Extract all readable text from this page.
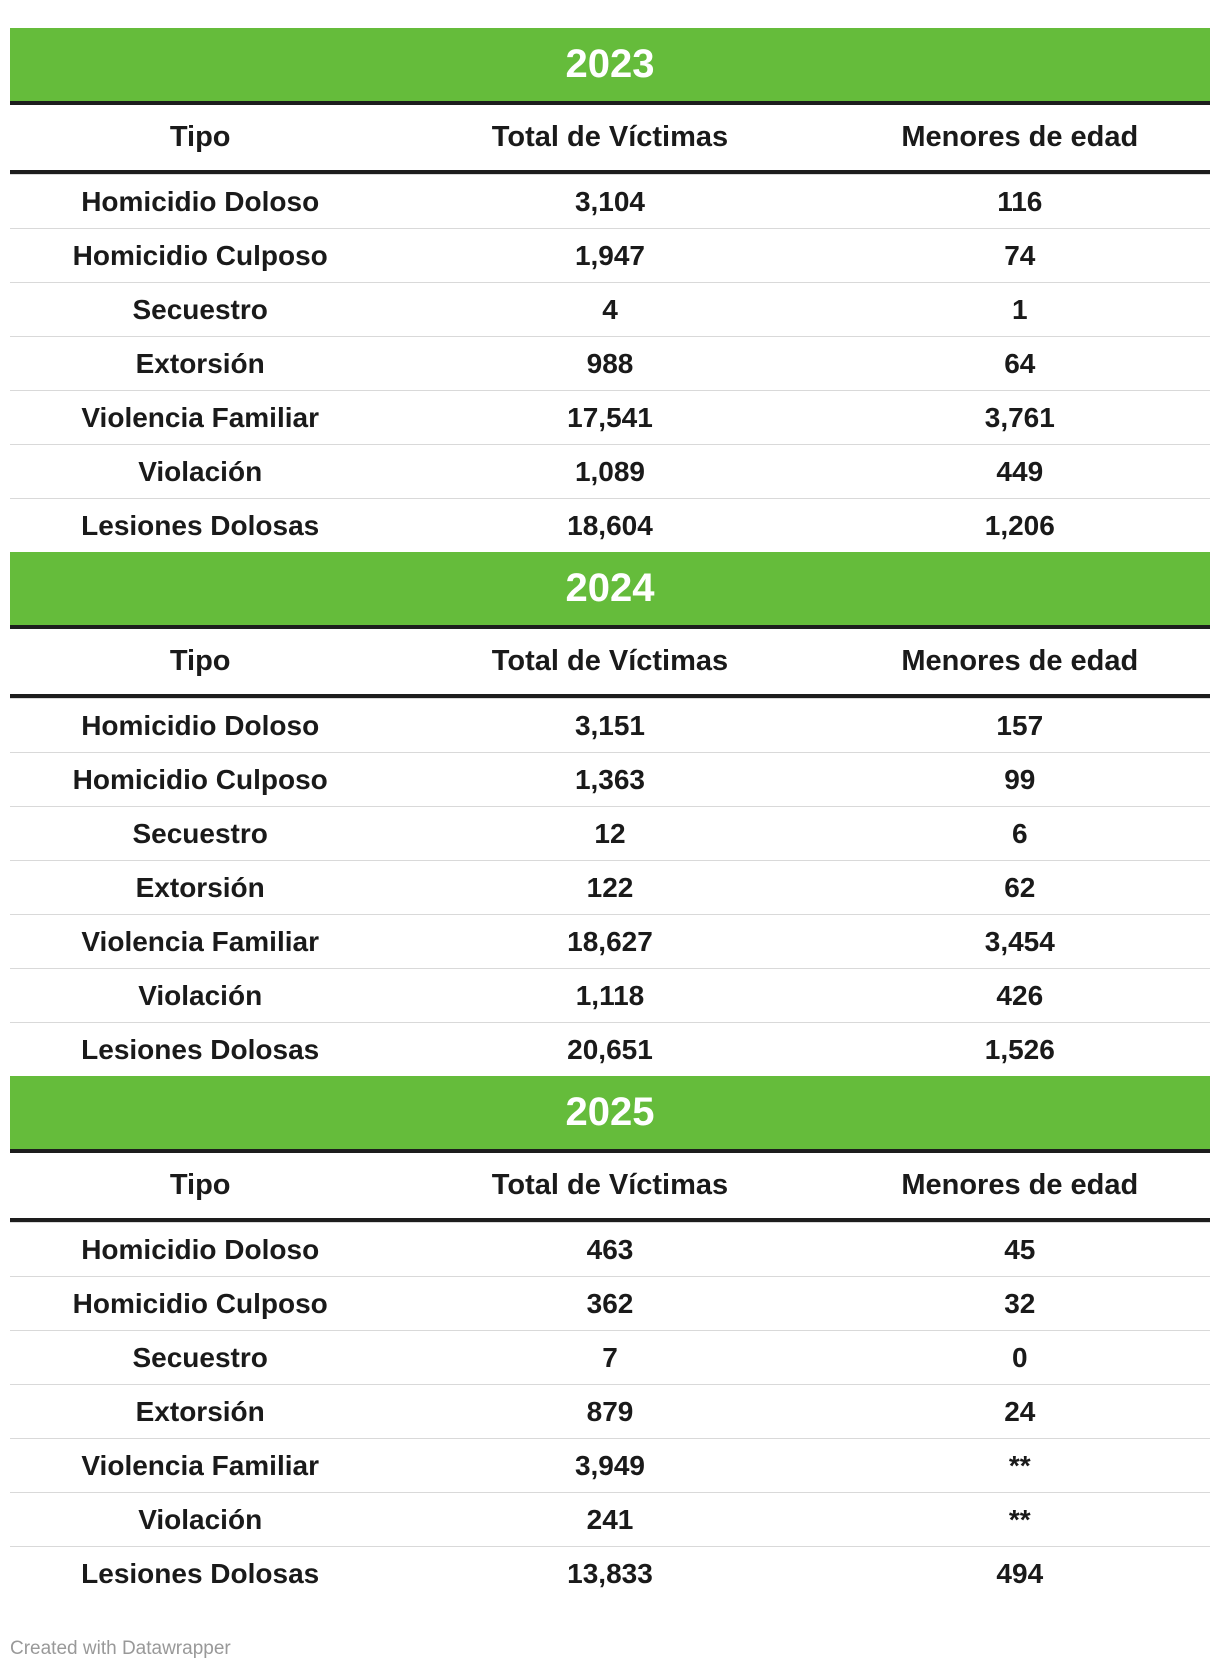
2023
Tipo	Total de Víctimas	Menores de edad
Homicidio Doloso	3,104	116
Homicidio Culposo	1,947	74
Secuestro	4	1
Extorsión	988	64
Violencia Familiar	17,541	3,761
Violación	1,089	449
Lesiones Dolosas	18,604	1,206
2024
Tipo	Total de Víctimas	Menores de edad
Homicidio Doloso	3,151	157
Homicidio Culposo	1,363	99
Secuestro	12	6
Extorsión	122	62
Violencia Familiar	18,627	3,454
Violación	1,118	426
Lesiones Dolosas	20,651	1,526
2025
Tipo	Total de Víctimas	Menores de edad
Homicidio Doloso	463	45
Homicidio Culposo	362	32
Secuestro	7	0
Extorsión	879	24
Violencia Familiar	3,949	**
Violación	241	**
Lesiones Dolosas	13,833	494
Created with Datawrapper
